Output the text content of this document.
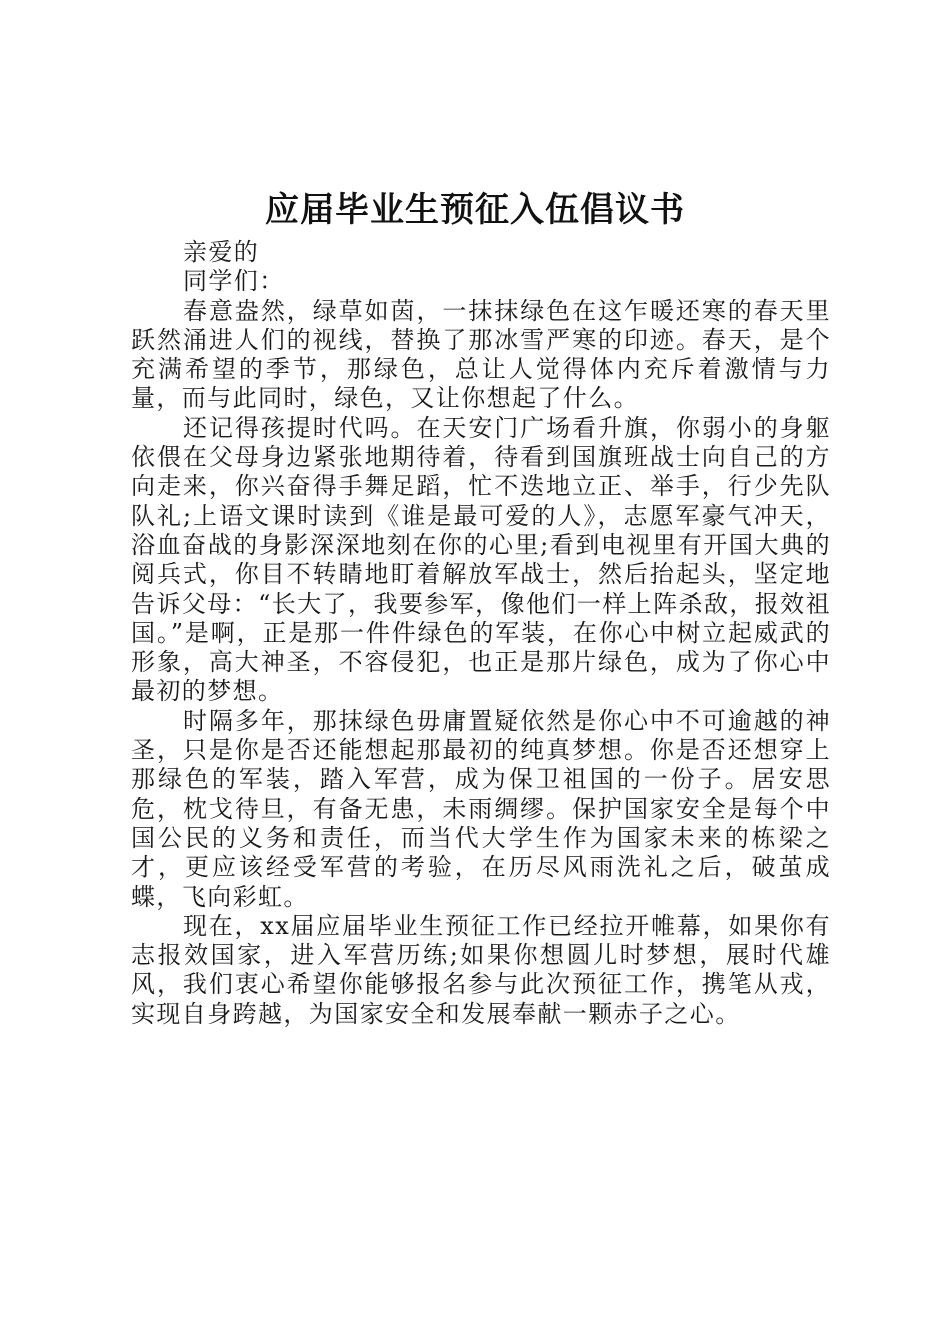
应届毕业生预征入伍倡议书

亲爱的

同学们：

春意盎然，绿草如茵，一抹抹绿色在这乍暖还寒的春天里跃然涌进人们的视线，替换了那冰雪严寒的印迹。春天，是个充满希望的季节，那绿色，总让人觉得体内充斥着激情与力量，而与此同时，绿色，又让你想起了什么。

还记得孩提时代吗。在天安门广场看升旗，你弱小的身躯依偎在父母身边紧张地期待着，待看到国旗班战士向自己的方向走来，你兴奋得手舞足蹈，忙不迭地立正、举手，行少先队队礼;上语文课时读到《谁是最可爱的人》，志愿军豪气冲天，浴血奋战的身影深深地刻在你的心里;看到电视里有开国大典的阅兵式，你目不转睛地盯着解放军战士，然后抬起头，坚定地告诉父母：“长大了，我要参军，像他们一样上阵杀敌，报效祖国。”是啊，正是那一件件绿色的军装，在你心中树立起威武的形象，高大神圣，不容侵犯，也正是那片绿色，成为了你心中最初的梦想。

时隔多年，那抹绿色毋庸置疑依然是你心中不可逾越的神圣，只是你是否还能想起那最初的纯真梦想。你是否还想穿上那绿色的军装，踏入军营，成为保卫祖国的一份子。居安思危，枕戈待旦，有备无患，未雨绸缪。保护国家安全是每个中国公民的义务和责任，而当代大学生作为国家未来的栋梁之才，更应该经受军营的考验，在历尽风雨洗礼之后，破茧成蝶，飞向彩虹。

现在，xx届应届毕业生预征工作已经拉开帷幕，如果你有志报效国家，进入军营历练;如果你想圆儿时梦想，展时代雄风，我们衷心希望你能够报名参与此次预征工作，携笔从戎，实现自身跨越，为国家安全和发展奉献一颗赤子之心。
